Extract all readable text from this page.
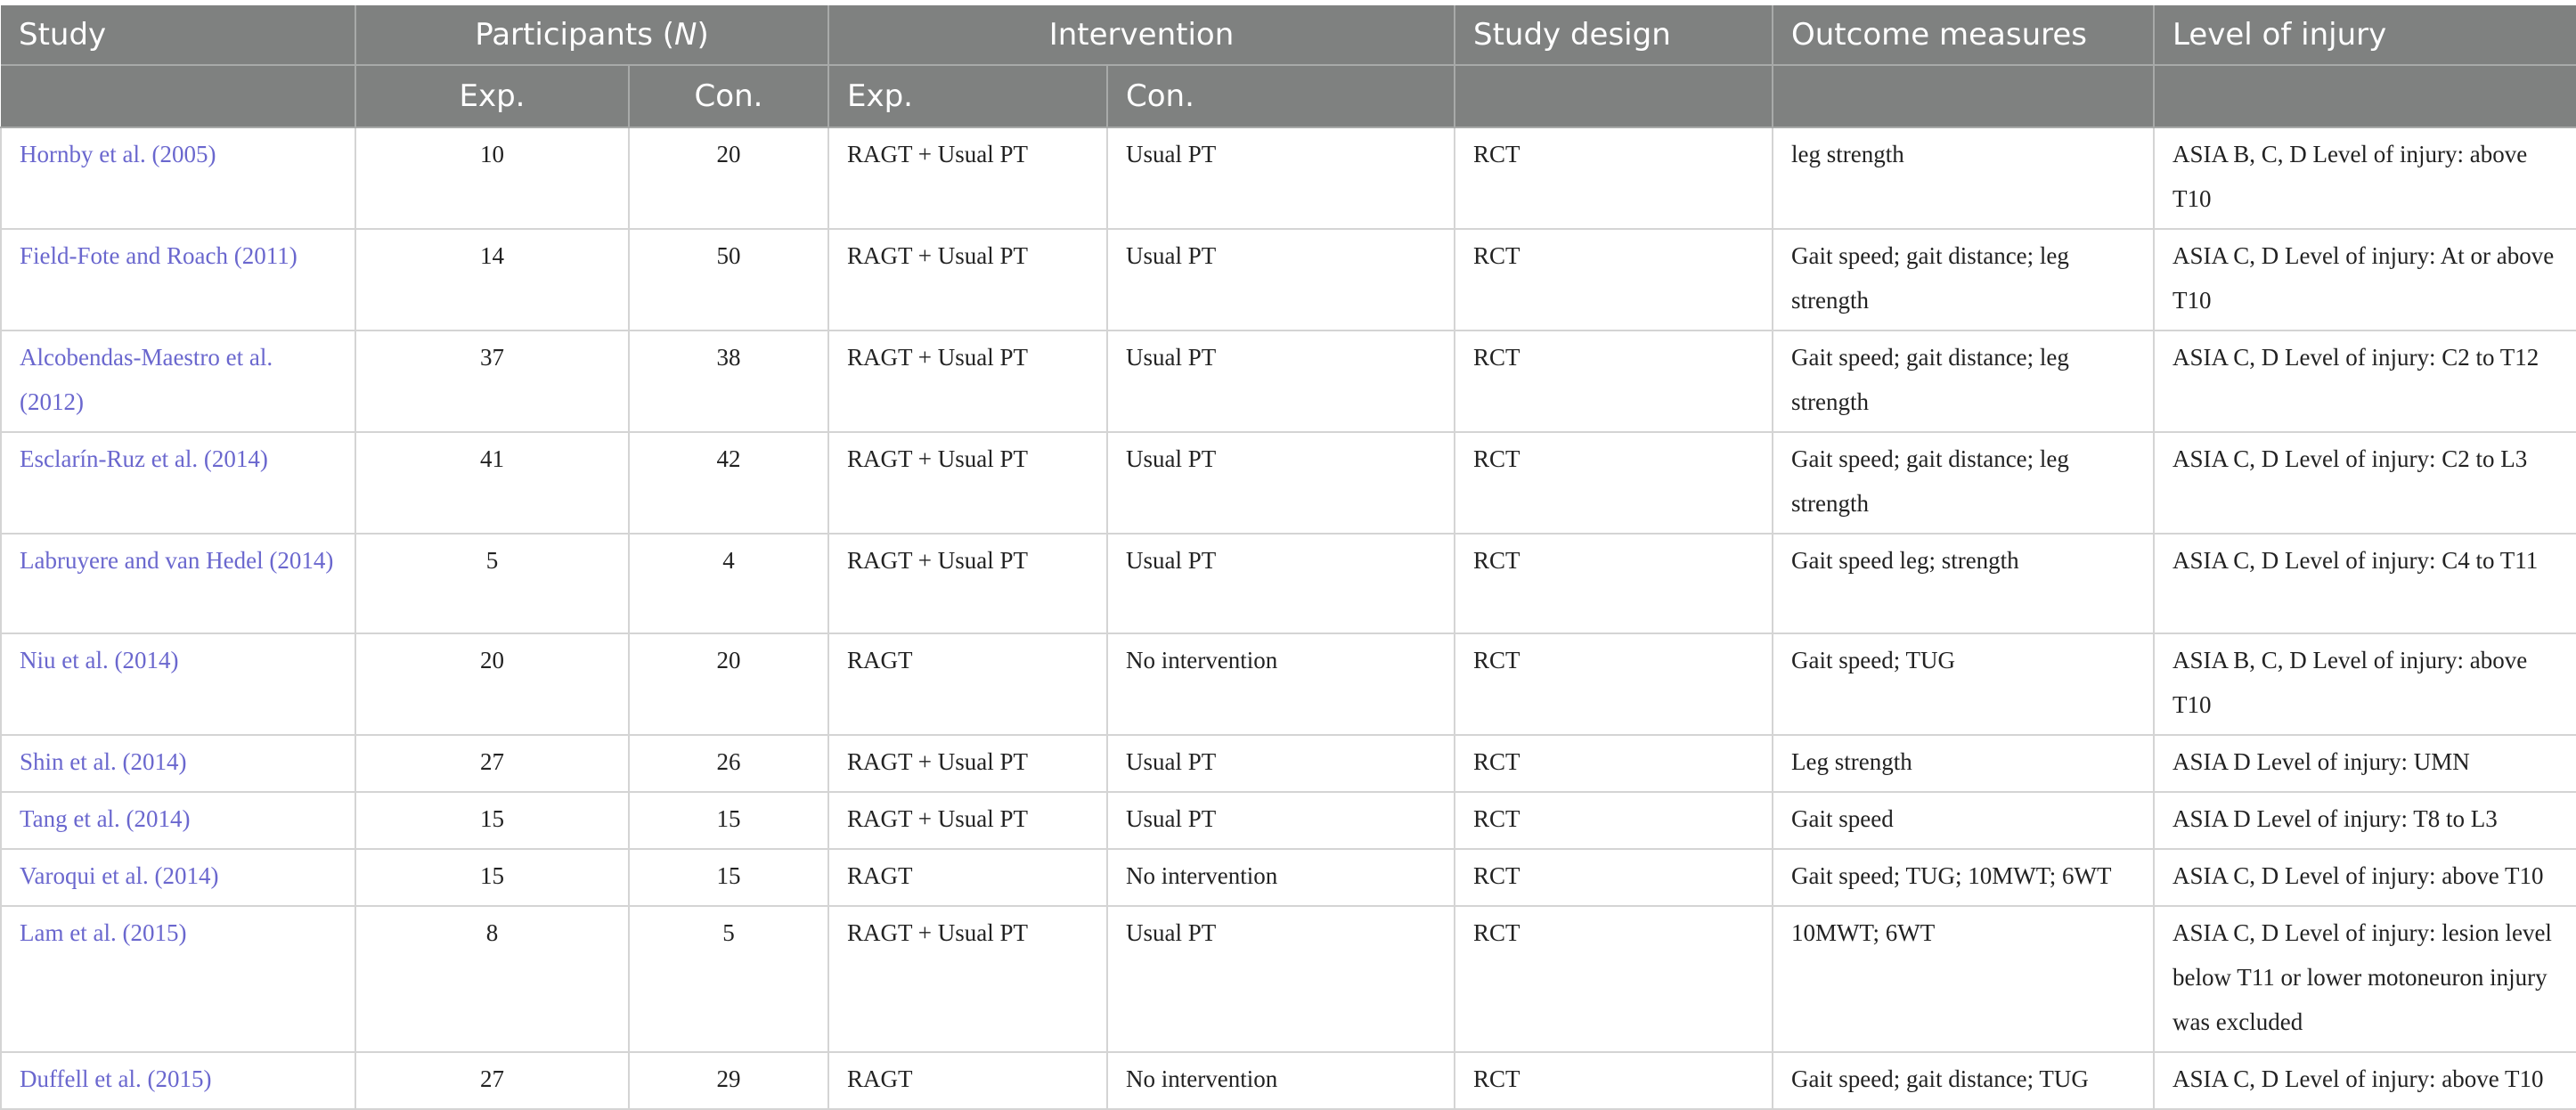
Study	Participants (N)		Intervention		Study design	Outcome measures	Level of injury
	Exp.	Con.	Exp.	Con.			
Hornby et al. (2005)	10	20	RAGT + Usual PT	Usual PT	RCT	leg strength	ASIA B, C, D Level of injury: above T10
Field-Fote and Roach (2011)	14	50	RAGT + Usual PT	Usual PT	RCT	Gait speed; gait distance; leg strength	ASIA C, D Level of injury: At or above T10
Alcobendas-Maestro et al. (2012)	37	38	RAGT + Usual PT	Usual PT	RCT	Gait speed; gait distance; leg strength	ASIA C, D Level of injury: C2 to T12
Esclarín-Ruz et al. (2014)	41	42	RAGT + Usual PT	Usual PT	RCT	Gait speed; gait distance; leg strength	ASIA C, D Level of injury: C2 to L3
Labruyere and van Hedel (2014)	5	4	RAGT + Usual PT	Usual PT	RCT	Gait speed leg; strength	ASIA C, D Level of injury: C4 to T11
Niu et al. (2014)	20	20	RAGT	No intervention	RCT	Gait speed; TUG	ASIA B, C, D Level of injury: above T10
Shin et al. (2014)	27	26	RAGT + Usual PT	Usual PT	RCT	Leg strength	ASIA D Level of injury: UMN
Tang et al. (2014)	15	15	RAGT + Usual PT	Usual PT	RCT	Gait speed	ASIA D Level of injury: T8 to L3
Varoqui et al. (2014)	15	15	RAGT	No intervention	RCT	Gait speed; TUG; 10MWT; 6WT	ASIA C, D Level of injury: above T10
Lam et al. (2015)	8	5	RAGT + Usual PT	Usual PT	RCT	10MWT; 6WT	ASIA C, D Level of injury: lesion level below T11 or lower motoneuron injury was excluded
Duffell et al. (2015)	27	29	RAGT	No intervention	RCT	Gait speed; gait distance; TUG	ASIA C, D Level of injury: above T10
